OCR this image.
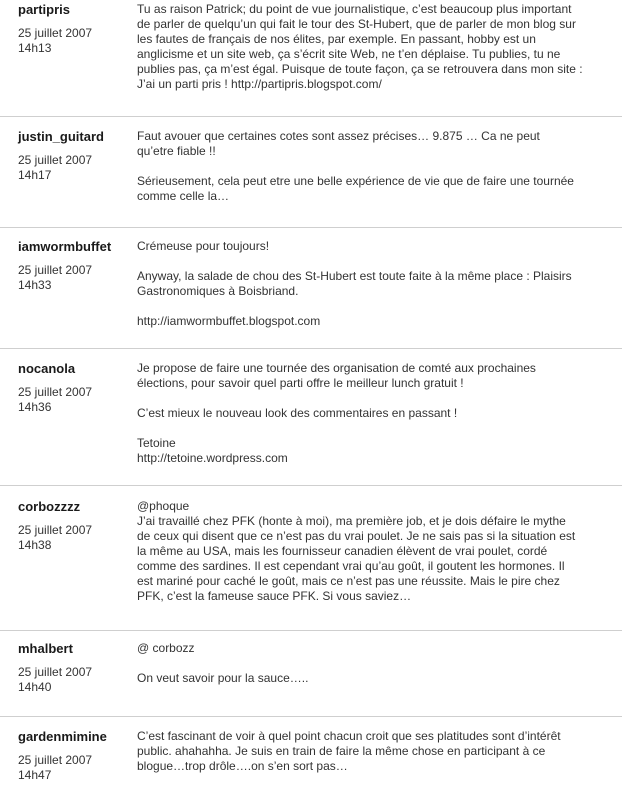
partipris
25 juillet 2007
14h13

Tu as raison Patrick; du point de vue journalistique, c’est beaucoup plus important de parler de quelqu’un qui fait le tour des St-Hubert, que de parler de mon blog sur les fautes de français de nos élites, par exemple. En passant, hobby est un anglicisme et un site web, ça s’écrit site Web, ne t’en déplaise. Tu publies, tu ne publies pas, ça m’est égal. Puisque de toute façon, ça se retrouvera dans mon site : J’ai un parti pris ! http://partipris.blogspot.com/

justin_guitard
25 juillet 2007
14h17

Faut avouer que certaines cotes sont assez précises… 9.875 … Ca ne peut qu’etre fiable !!

Sérieusement, cela peut etre une belle expérience de vie que de faire une tournée comme celle la…

iamwormbuffet
25 juillet 2007
14h33

Crémeuse pour toujours!

Anyway, la salade de chou des St-Hubert est toute faite à la même place : Plaisirs Gastronomiques à Boisbriand.

http://iamwormbuffet.blogspot.com

nocanola
25 juillet 2007
14h36

Je propose de faire une tournée des organisation de comté aux prochaines élections, pour savoir quel parti offre le meilleur lunch gratuit !

C’est mieux le nouveau look des commentaires en passant !

Tetoine
http://tetoine.wordpress.com

corbozzzz
25 juillet 2007
14h38

@phoque
J’ai travaillé chez PFK (honte à moi), ma première job, et je dois défaire le mythe de ceux qui disent que ce n’est pas du vrai poulet. Je ne sais pas si la situation est la même au USA, mais les fournisseur canadien élèvent de vrai poulet, cordé comme des sardines. Il est cependant vrai qu’au goût, il goutent les hormones. Il est mariné pour caché le goût, mais ce n’est pas une réussite. Mais le pire chez PFK, c’est la fameuse sauce PFK. Si vous saviez…

mhalbert
25 juillet 2007
14h40

@ corbozz

On veut savoir pour la sauce…..

gardenmimine
25 juillet 2007
14h47

C’est fascinant de voir à quel point chacun croit que ses platitudes sont d’intérêt public. ahahahha. Je suis en train de faire la même chose en participant à ce blogue…trop drôle….on s’en sort pas…
